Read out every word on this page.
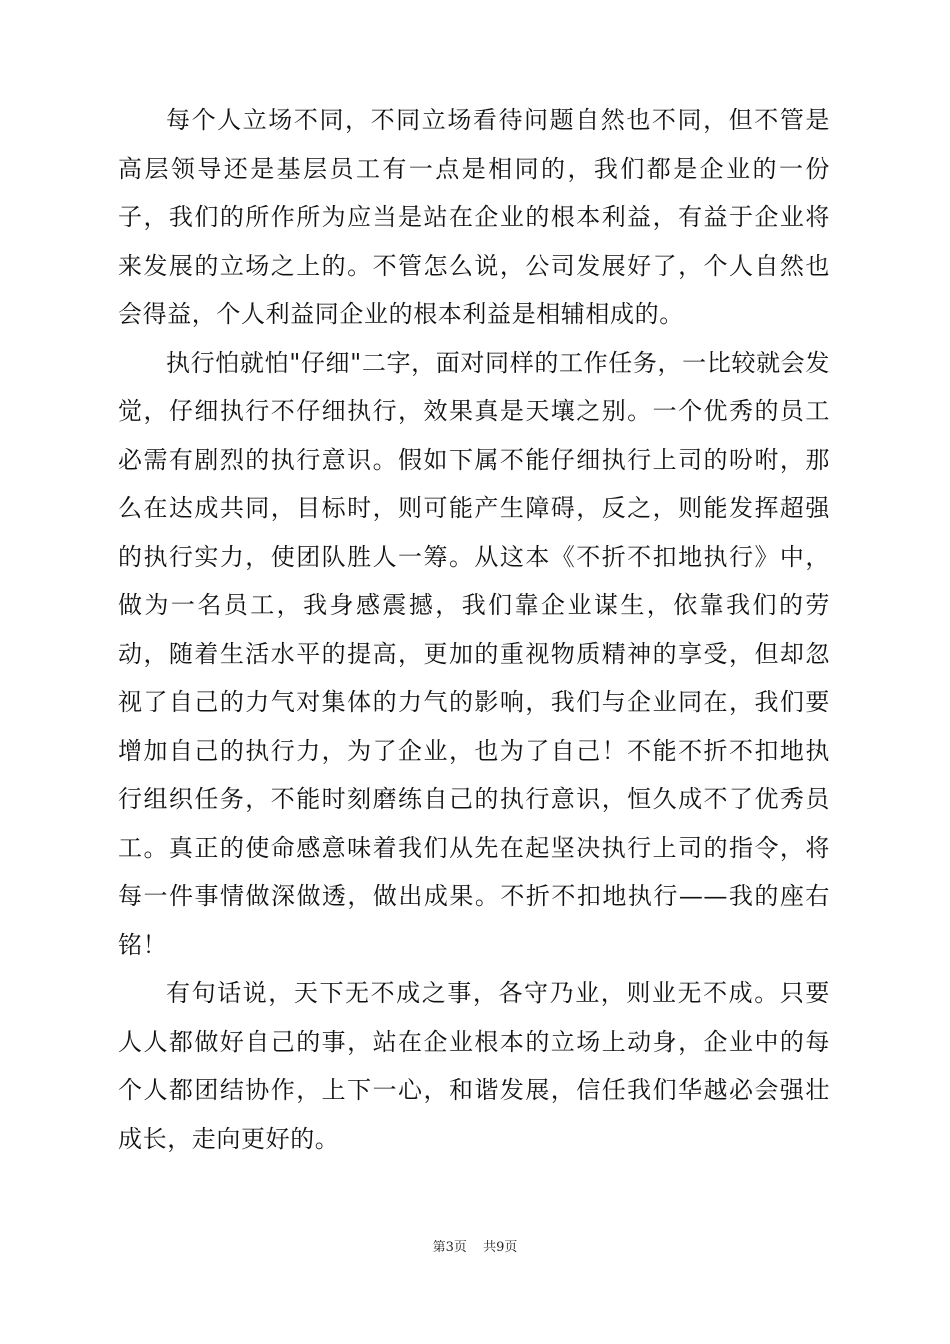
每个人立场不同，不同立场看待问题自然也不同，但不管是高层领导还是基层员工有一点是相同的，我们都是企业的一份子，我们的所作所为应当是站在企业的根本利益，有益于企业将来发展的立场之上的。不管怎么说，公司发展好了，个人自然也会得益，个人利益同企业的根本利益是相辅相成的。

执行怕就怕"仔细"二字，面对同样的工作任务，一比较就会发觉，仔细执行不仔细执行，效果真是天壤之别。一个优秀的员工必需有剧烈的执行意识。假如下属不能仔细执行上司的吩咐，那么在达成共同，目标时，则可能产生障碍，反之，则能发挥超强的执行实力，使团队胜人一筹。从这本《不折不扣地执行》中，做为一名员工，我身感震撼，我们靠企业谋生，依靠我们的劳动，随着生活水平的提高，更加的重视物质精神的享受，但却忽视了自己的力气对集体的力气的影响，我们与企业同在，我们要增加自己的执行力，为了企业，也为了自己！不能不折不扣地执行组织任务，不能时刻磨练自己的执行意识，恒久成不了优秀员工。真正的使命感意味着我们从先在起坚决执行上司的指令，将每一件事情做深做透，做出成果。不折不扣地执行——我的座右铭！

有句话说，天下无不成之事，各守乃业，则业无不成。只要人人都做好自己的事，站在企业根本的立场上动身，企业中的每个人都团结协作，上下一心，和谐发展，信任我们华越必会强壮成长，走向更好的。

第3页 共9页
